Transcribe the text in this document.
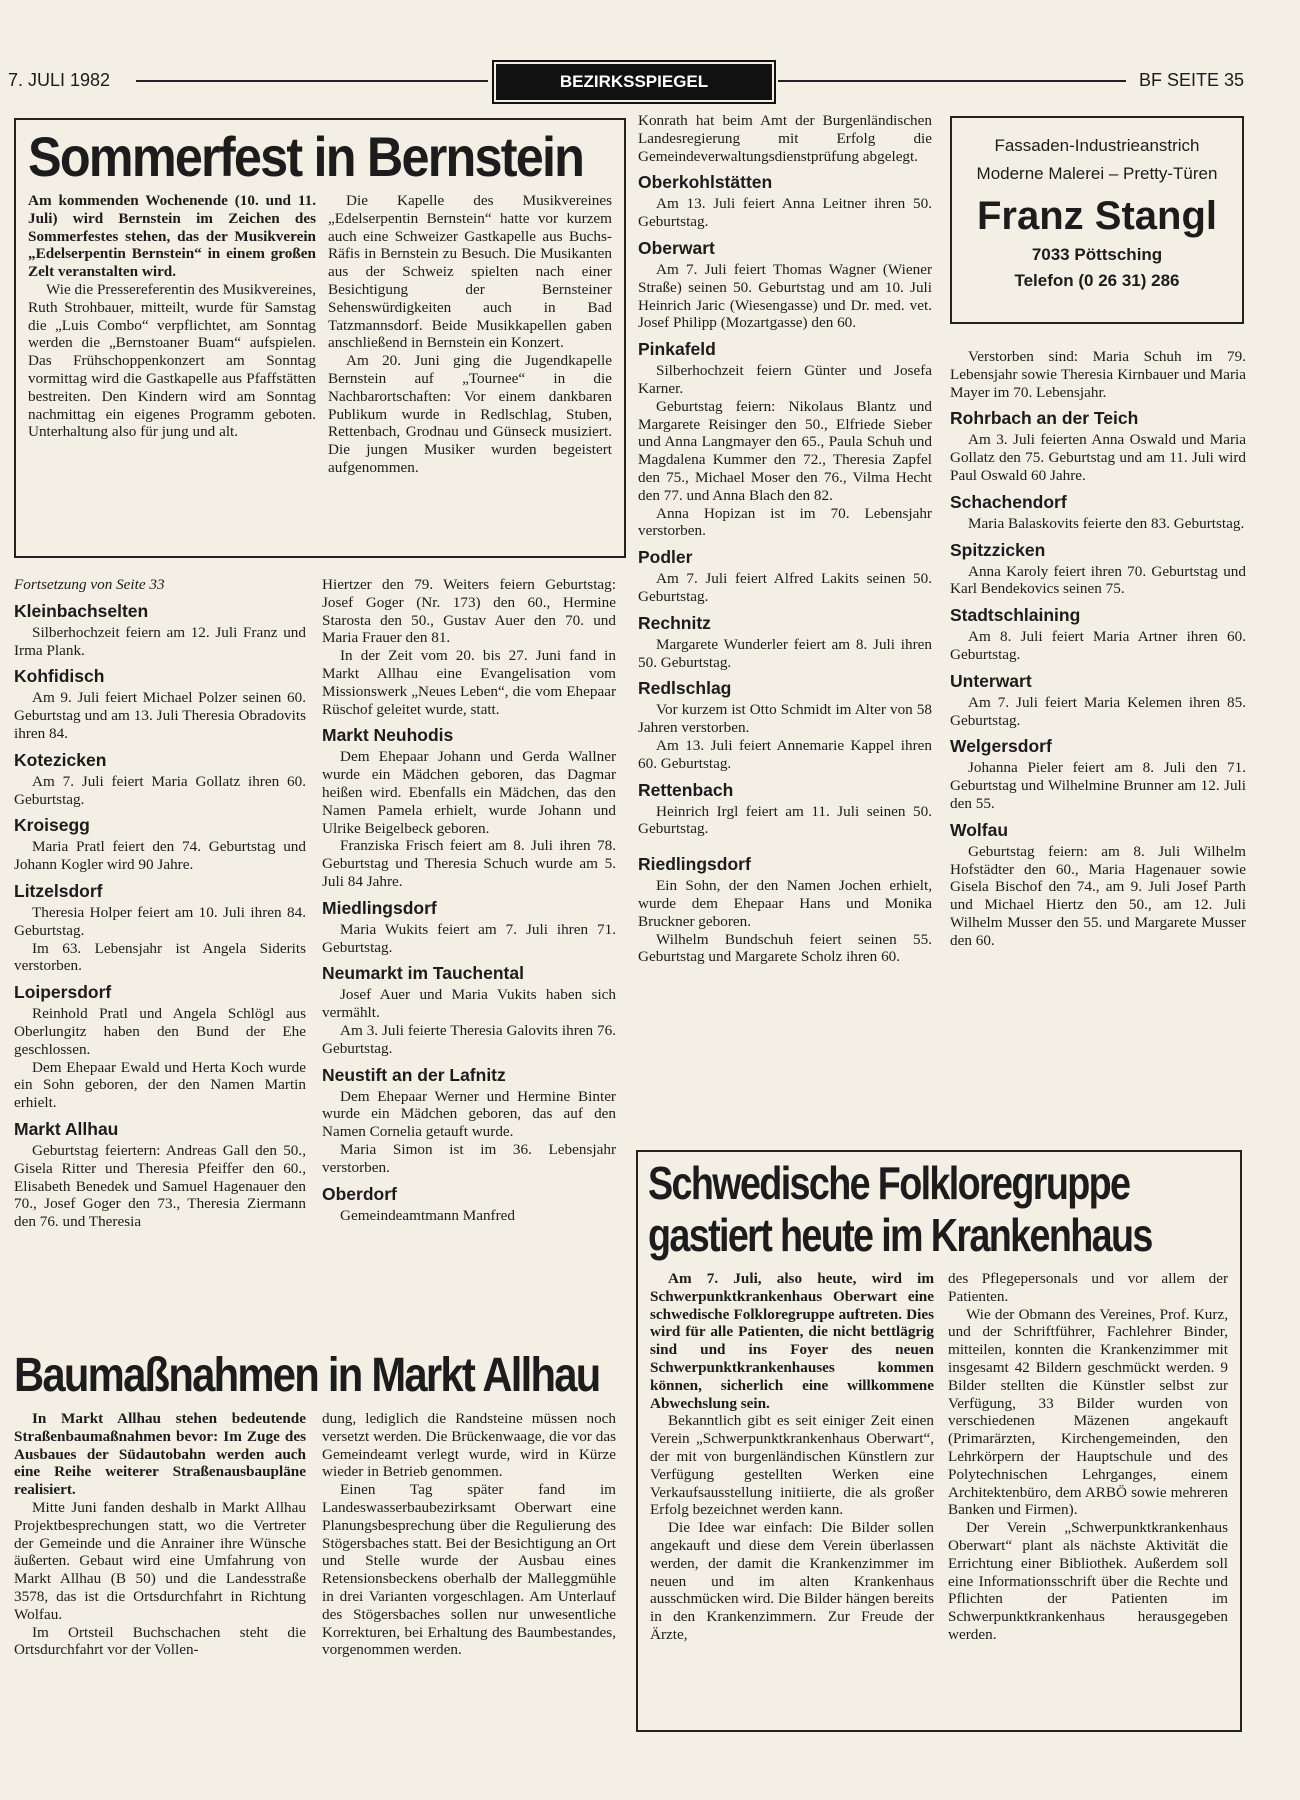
7. JULI 1982	BEZIRKSSPIEGEL	BF SEITE 35
Sommerfest in Bernstein

Am kommenden Wochenende (10. und 11. Juli) wird Bernstein im Zeichen des Sommerfestes stehen, das der Musikverein „Edelserpentin Bernstein“ in einem großen Zelt veranstalten wird.

Wie die Pressereferentin des Musikvereines, Ruth Strohbauer, mitteilt, wurde für Samstag die „Luis Combo“ verpflichtet, am Sonntag werden die „Bernstoaner Buam“ aufspielen. Das Frühschoppenkonzert am Sonntag vormittag wird die Gastkapelle aus Pfaffstätten bestreiten. Den Kindern wird am Sonntag nachmittag ein eigenes Programm geboten. Unterhaltung also für jung und alt.

Die Kapelle des Musikvereines „Edelserpentin Bernstein“ hatte vor kurzem auch eine Schweizer Gastkapelle aus Buchs-Räfis in Bernstein zu Besuch. Die Musikanten aus der Schweiz spielten nach einer Besichtigung der Bernsteiner Sehenswürdigkeiten auch in Bad Tatzmannsdorf. Beide Musikkapellen gaben anschließend in Bernstein ein Konzert.

Am 20. Juni ging die Jugendkapelle Bernstein auf „Tournee“ in die Nachbarortschaften: Vor einem dankbaren Publikum wurde in Redlschlag, Stuben, Rettenbach, Grodnau und Günseck musiziert. Die jungen Musiker wurden begeistert aufgenommen.

Fassaden-Industrieanstrich
Moderne Malerei – Pretty-Türen
Franz Stangl
7033 Pöttsching
Telefon (0 26 31) 286

Fortsetzung von Seite 33

Kleinbachselten

Silberhochzeit feiern am 12. Juli Franz und Irma Plank.

Kohfidisch

Am 9. Juli feiert Michael Polzer seinen 60. Geburtstag und am 13. Juli Theresia Obradovits ihren 84.

Kotezicken

Am 7. Juli feiert Maria Gollatz ihren 60. Geburtstag.

Kroisegg

Maria Pratl feiert den 74. Geburtstag und Johann Kogler wird 90 Jahre.

Litzelsdorf

Theresia Holper feiert am 10. Juli ihren 84. Geburtstag.

Im 63. Lebensjahr ist Angela Siderits verstorben.

Loipersdorf

Reinhold Pratl und Angela Schlögl aus Oberlungitz haben den Bund der Ehe geschlossen.

Dem Ehepaar Ewald und Herta Koch wurde ein Sohn geboren, der den Namen Martin erhielt.

Markt Allhau

Geburtstag feiertern: Andreas Gall den 50., Gisela Ritter und Theresia Pfeiffer den 60., Elisabeth Benedek und Samuel Hagenauer den 70., Josef Goger den 73., Theresia Ziermann den 76. und Theresia

Hiertzer den 79. Weiters feiern Geburtstag: Josef Goger (Nr. 173) den 60., Hermine Starosta den 50., Gustav Auer den 70. und Maria Frauer den 81.

In der Zeit vom 20. bis 27. Juni fand in Markt Allhau eine Evangelisation vom Missionswerk „Neues Leben“, die vom Ehepaar Rüschof geleitet wurde, statt.

Markt Neuhodis

Dem Ehepaar Johann und Gerda Wallner wurde ein Mädchen geboren, das Dagmar heißen wird. Ebenfalls ein Mädchen, das den Namen Pamela erhielt, wurde Johann und Ulrike Beigelbeck geboren.

Franziska Frisch feiert am 8. Juli ihren 78. Geburtstag und Theresia Schuch wurde am 5. Juli 84 Jahre.

Miedlingsdorf

Maria Wukits feiert am 7. Juli ihren 71. Geburtstag.

Neumarkt im Tauchental

Josef Auer und Maria Vukits haben sich vermählt.

Am 3. Juli feierte Theresia Galovits ihren 76. Geburtstag.

Neustift an der Lafnitz

Dem Ehepaar Werner und Hermine Binter wurde ein Mädchen geboren, das auf den Namen Cornelia getauft wurde.

Maria Simon ist im 36. Lebensjahr verstorben.

Oberdorf

Gemeindeamtmann Manfred

Konrath hat beim Amt der Burgenländischen Landesregierung mit Erfolg die Gemeindeverwaltungsdienstprüfung abgelegt.

Oberkohlstätten

Am 13. Juli feiert Anna Leitner ihren 50. Geburtstag.

Oberwart

Am 7. Juli feiert Thomas Wagner (Wiener Straße) seinen 50. Geburtstag und am 10. Juli Heinrich Jaric (Wiesengasse) und Dr. med. vet. Josef Philipp (Mozartgasse) den 60.

Pinkafeld

Silberhochzeit feiern Günter und Josefa Karner.

Geburtstag feiern: Nikolaus Blantz und Margarete Reisinger den 50., Elfriede Sieber und Anna Langmayer den 65., Paula Schuh und Magdalena Kummer den 72., Theresia Zapfel den 75., Michael Moser den 76., Vilma Hecht den 77. und Anna Blach den 82.

Anna Hopizan ist im 70. Lebensjahr verstorben.

Podler

Am 7. Juli feiert Alfred Lakits seinen 50. Geburtstag.

Rechnitz

Margarete Wunderler feiert am 8. Juli ihren 50. Geburtstag.

Redlschlag

Vor kurzem ist Otto Schmidt im Alter von 58 Jahren verstorben.

Am 13. Juli feiert Annemarie Kappel ihren 60. Geburtstag.

Rettenbach

Heinrich Irgl feiert am 11. Juli seinen 50. Geburtstag.

Riedlingsdorf

Ein Sohn, der den Namen Jochen erhielt, wurde dem Ehepaar Hans und Monika Bruckner geboren.

Wilhelm Bundschuh feiert seinen 55. Geburtstag und Margarete Scholz ihren 60.

Verstorben sind: Maria Schuh im 79. Lebensjahr sowie Theresia Kirnbauer und Maria Mayer im 70. Lebensjahr.

Rohrbach an der Teich

Am 3. Juli feierten Anna Oswald und Maria Gollatz den 75. Geburtstag und am 11. Juli wird Paul Oswald 60 Jahre.

Schachendorf

Maria Balaskovits feierte den 83. Geburtstag.

Spitzzicken

Anna Karoly feiert ihren 70. Geburtstag und Karl Bendekovics seinen 75.

Stadtschlaining

Am 8. Juli feiert Maria Artner ihren 60. Geburtstag.

Unterwart

Am 7. Juli feiert Maria Kelemen ihren 85. Geburtstag.

Welgersdorf

Johanna Pieler feiert am 8. Juli den 71. Geburtstag und Wilhelmine Brunner am 12. Juli den 55.

Wolfau

Geburtstag feiern: am 8. Juli Wilhelm Hofstädter den 60., Maria Hagenauer sowie Gisela Bischof den 74., am 9. Juli Josef Parth und Michael Hiertz den 50., am 12. Juli Wilhelm Musser den 55. und Margarete Musser den 60.

Baumaßnahmen in Markt Allhau

In Markt Allhau stehen bedeutende Straßenbaumaßnahmen bevor: Im Zuge des Ausbaues der Südautobahn werden auch eine Reihe weiterer Straßenausbaupläne realisiert.

Mitte Juni fanden deshalb in Markt Allhau Projektbesprechungen statt, wo die Vertreter der Gemeinde und die Anrainer ihre Wünsche äußerten. Gebaut wird eine Umfahrung von Markt Allhau (B 50) und die Landesstraße 3578, das ist die Ortsdurchfahrt in Richtung Wolfau.

Im Ortsteil Buchschachen steht die Ortsdurchfahrt vor der Vollen-

dung, lediglich die Randsteine müssen noch versetzt werden. Die Brückenwaage, die vor das Gemeindeamt verlegt wurde, wird in Kürze wieder in Betrieb genommen.

Einen Tag später fand im Landeswasserbaubezirksamt Oberwart eine Planungsbesprechung über die Regulierung des Stögersbaches statt. Bei der Besichtigung an Ort und Stelle wurde der Ausbau eines Retensionsbeckens oberhalb der Malleggmühle in drei Varianten vorgeschlagen. Am Unterlauf des Stögersbaches sollen nur unwesentliche Korrekturen, bei Erhaltung des Baumbestandes, vorgenommen werden.

Schwedische Folkloregruppe
gastiert heute im Krankenhaus

Am 7. Juli, also heute, wird im Schwerpunktkrankenhaus Oberwart eine schwedische Folkloregruppe auftreten. Dies wird für alle Patienten, die nicht bettlägrig sind und ins Foyer des neuen Schwerpunktkrankenhauses kommen können, sicherlich eine willkommene Abwechslung sein.

Bekanntlich gibt es seit einiger Zeit einen Verein „Schwerpunktkrankenhaus Oberwart“, der mit von burgenländischen Künstlern zur Verfügung gestellten Werken eine Verkaufsausstellung initiierte, die als großer Erfolg bezeichnet werden kann.

Die Idee war einfach: Die Bilder sollen angekauft und diese dem Verein überlassen werden, der damit die Krankenzimmer im neuen und im alten Krankenhaus ausschmücken wird. Die Bilder hängen bereits in den Krankenzimmern. Zur Freude der Ärzte,

des Pflegepersonals und vor allem der Patienten.

Wie der Obmann des Vereines, Prof. Kurz, und der Schriftführer, Fachlehrer Binder, mitteilen, konnten die Krankenzimmer mit insgesamt 42 Bildern geschmückt werden. 9 Bilder stellten die Künstler selbst zur Verfügung, 33 Bilder wurden von verschiedenen Mäzenen angekauft (Primarärzten, Kirchengemeinden, den Lehrkörpern der Hauptschule und des Polytechnischen Lehrganges, einem Architektenbüro, dem ARBÖ sowie mehreren Banken und Firmen).

Der Verein „Schwerpunktkrankenhaus Oberwart“ plant als nächste Aktivität die Errichtung einer Bibliothek. Außerdem soll eine Informationsschrift über die Rechte und Pflichten der Patienten im Schwerpunktkrankenhaus herausgegeben werden.
